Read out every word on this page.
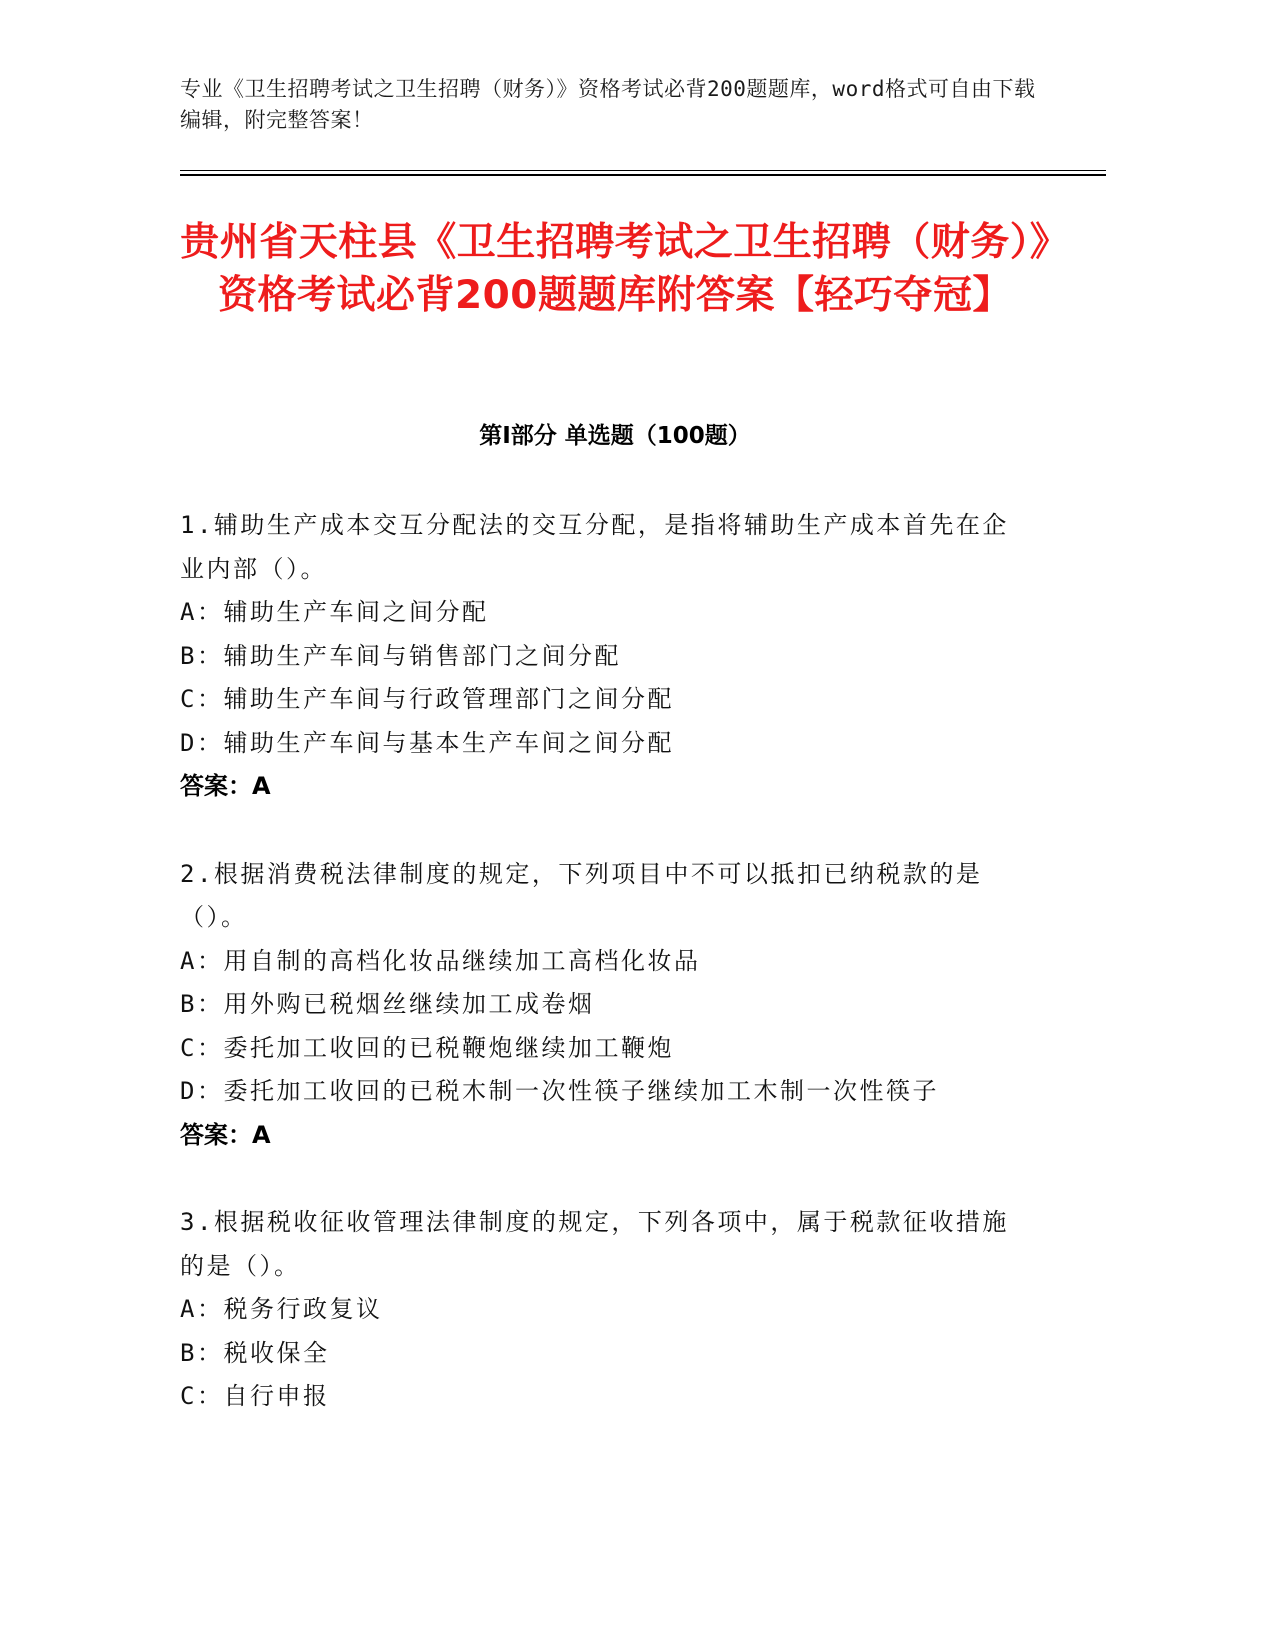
专业《卫生招聘考试之卫生招聘（财务）》资格考试必背200题题库，word格式可自由下载编辑，附完整答案！
贵州省天柱县《卫生招聘考试之卫生招聘（财务）》资格考试必背200题题库附答案【轻巧夺冠】
第Ⅰ部分 单选题（100题）
1.辅助生产成本交互分配法的交互分配，是指将辅助生产成本首先在企业内部（）。
A：辅助生产车间之间分配
B：辅助生产车间与销售部门之间分配
C：辅助生产车间与行政管理部门之间分配
D：辅助生产车间与基本生产车间之间分配
答案：A
2.根据消费税法律制度的规定，下列项目中不可以抵扣已纳税款的是（）。
A：用自制的高档化妆品继续加工高档化妆品
B：用外购已税烟丝继续加工成卷烟
C：委托加工收回的已税鞭炮继续加工鞭炮
D：委托加工收回的已税木制一次性筷子继续加工木制一次性筷子
答案：A
3.根据税收征收管理法律制度的规定，下列各项中，属于税款征收措施的是（）。
A：税务行政复议
B：税收保全
C：自行申报
